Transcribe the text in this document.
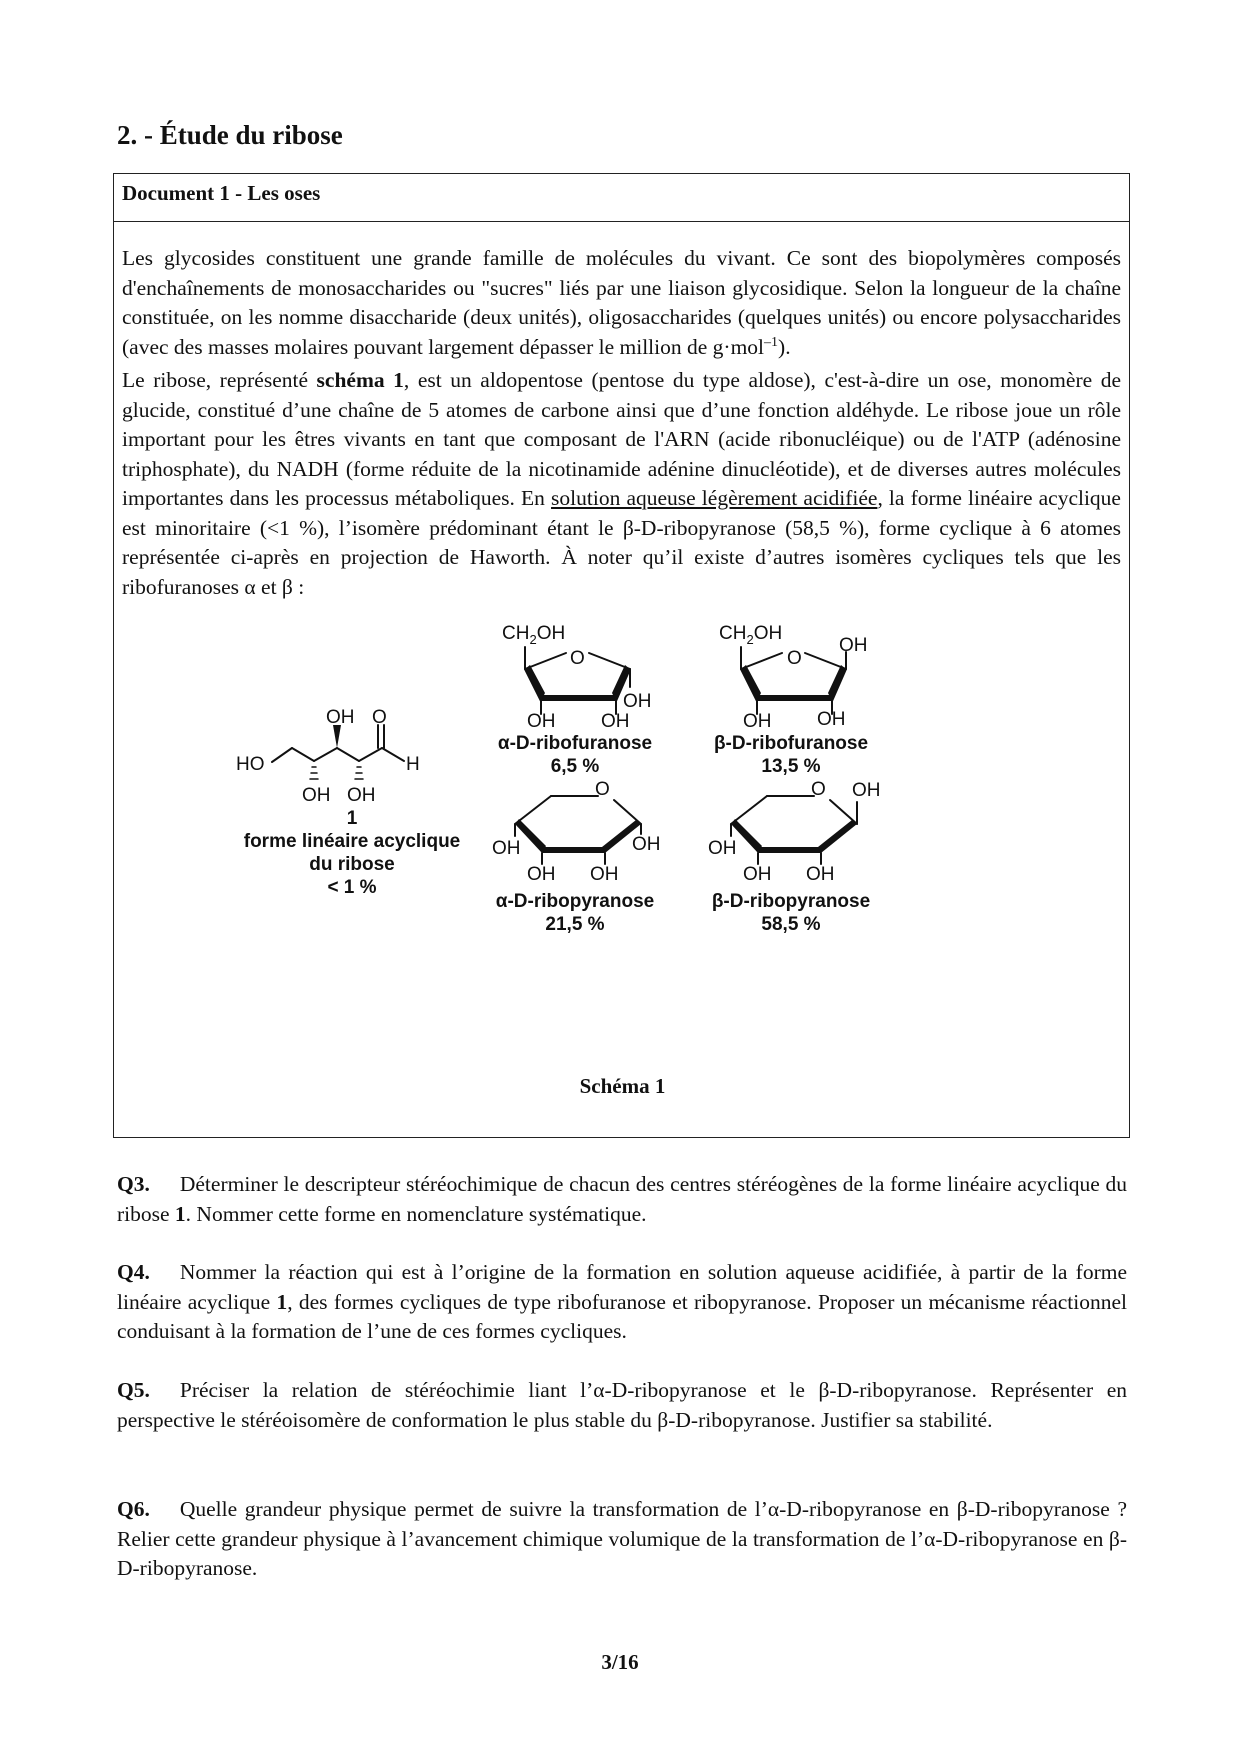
2. - Étude du ribose
Document 1 - Les oses

Les glycosides constituent une grande famille de molécules du vivant. Ce sont des biopolymères composés d'enchaînements de monosaccharides ou "sucres" liés par une liaison glycosidique. Selon la longueur de la chaîne constituée, on les nomme disaccharide (deux unités), oligosaccharides (quelques unités) ou encore polysaccharides (avec des masses molaires pouvant largement dépasser le million de g·mol$^{-1}$).

Le ribose, représenté schéma 1, est un aldopentose (pentose du type aldose), c'est-à-dire un ose, monomère de glucide, constitué d’une chaîne de 5 atomes de carbone ainsi que d’une fonction aldéhyde. Le ribose joue un rôle important pour les êtres vivants en tant que composant de l'ARN (acide ribonucléique) ou de l'ATP (adénosine triphosphate), du NADH (forme réduite de la nicotinamide adénine dinucléotide), et de diverses autres molécules importantes dans les processus métaboliques. En solution aqueuse légèrement acidifiée, la forme linéaire acyclique est minoritaire (<1 %), l’isomère prédominant étant le β-D-ribopyranose (58,5 %), forme cyclique à 6 atomes représentée ci-après en projection de Haworth. À noter qu’il existe d’autres isomères cycliques tels que les ribofuranoses α et β :

HO
OH O
H
OH OH
1
forme linéaire acyclique
du ribose
< 1 %
$CH_2OH$
O
OH
OH OH
α-D-ribofuranose
6,5 %
$CH_2OH$
O
OH
OH OH
β-D-ribofuranose
13,5 %
O
OH	OH
OH OH
α-D-ribopyranose
21,5 %
O OH
OH
OH OH
β-D-ribopyranose
58,5 %
Schéma 1

Q3. Déterminer le descripteur stéréochimique de chacun des centres stéréogènes de la forme linéaire acyclique du ribose 1. Nommer cette forme en nomenclature systématique.

Q4. Nommer la réaction qui est à l’origine de la formation en solution aqueuse acidifiée, à partir de la forme linéaire acyclique 1, des formes cycliques de type ribofuranose et ribopyranose. Proposer un mécanisme réactionnel conduisant à la formation de l’une de ces formes cycliques.

Q5. Préciser la relation de stéréochimie liant l’α-D-ribopyranose et le β-D-ribopyranose. Représenter en perspective le stéréoisomère de conformation le plus stable du β-D-ribopyranose. Justifier sa stabilité.

Q6. Quelle grandeur physique permet de suivre la transformation de l’α-D-ribopyranose en β-D-ribopyranose ? Relier cette grandeur physique à l’avancement chimique volumique de la transformation de l’α-D-ribopyranose en β-D-ribopyranose.

3/16
